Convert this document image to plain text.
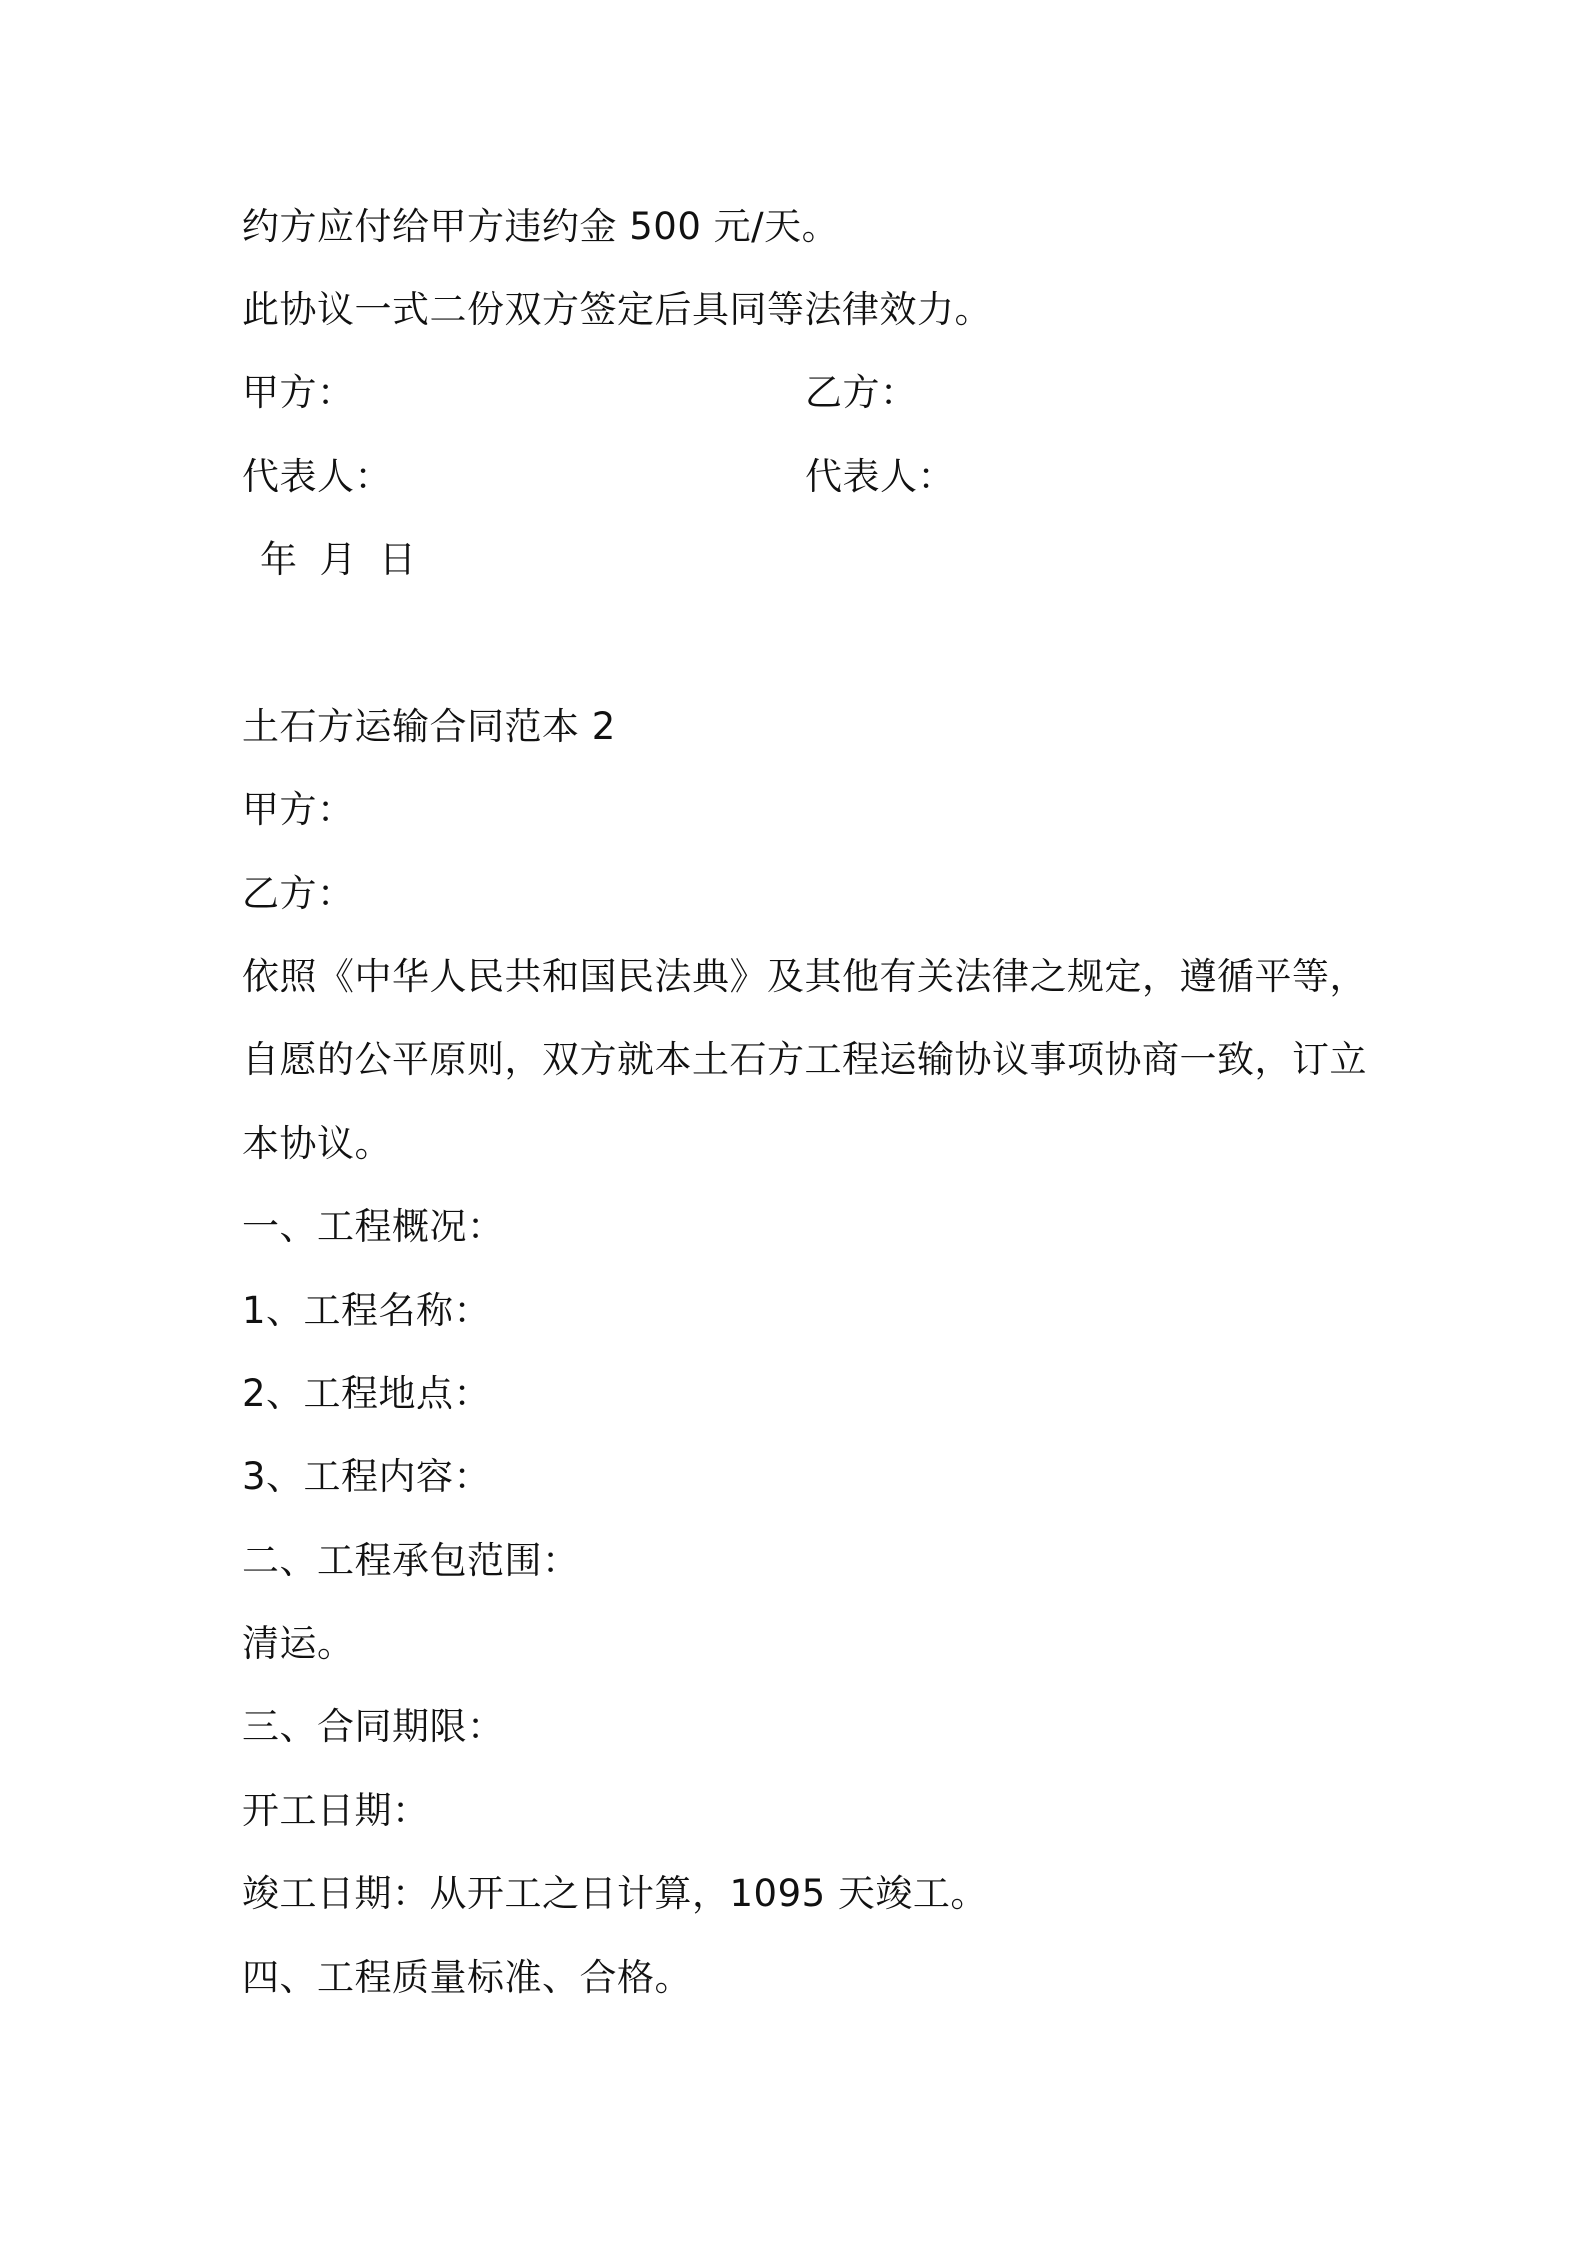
约方应付给甲方违约金 500 元/天。
此协议一式二份双方签定后具同等法律效力。
甲方：	乙方：
代表人：	代表人：
年 月 日
土石方运输合同范本 2
甲方：
乙方：
依照《中华人民共和国民法典》及其他有关法律之规定，遵循平等，
自愿的公平原则，双方就本土石方工程运输协议事项协商一致，订立
本协议。
一、工程概况：
1、工程名称：
2、工程地点：
3、工程内容：
二、工程承包范围：
清运。
三、合同期限：
开工日期：
竣工日期：从开工之日计算，1095 天竣工。
四、工程质量标准、合格。
